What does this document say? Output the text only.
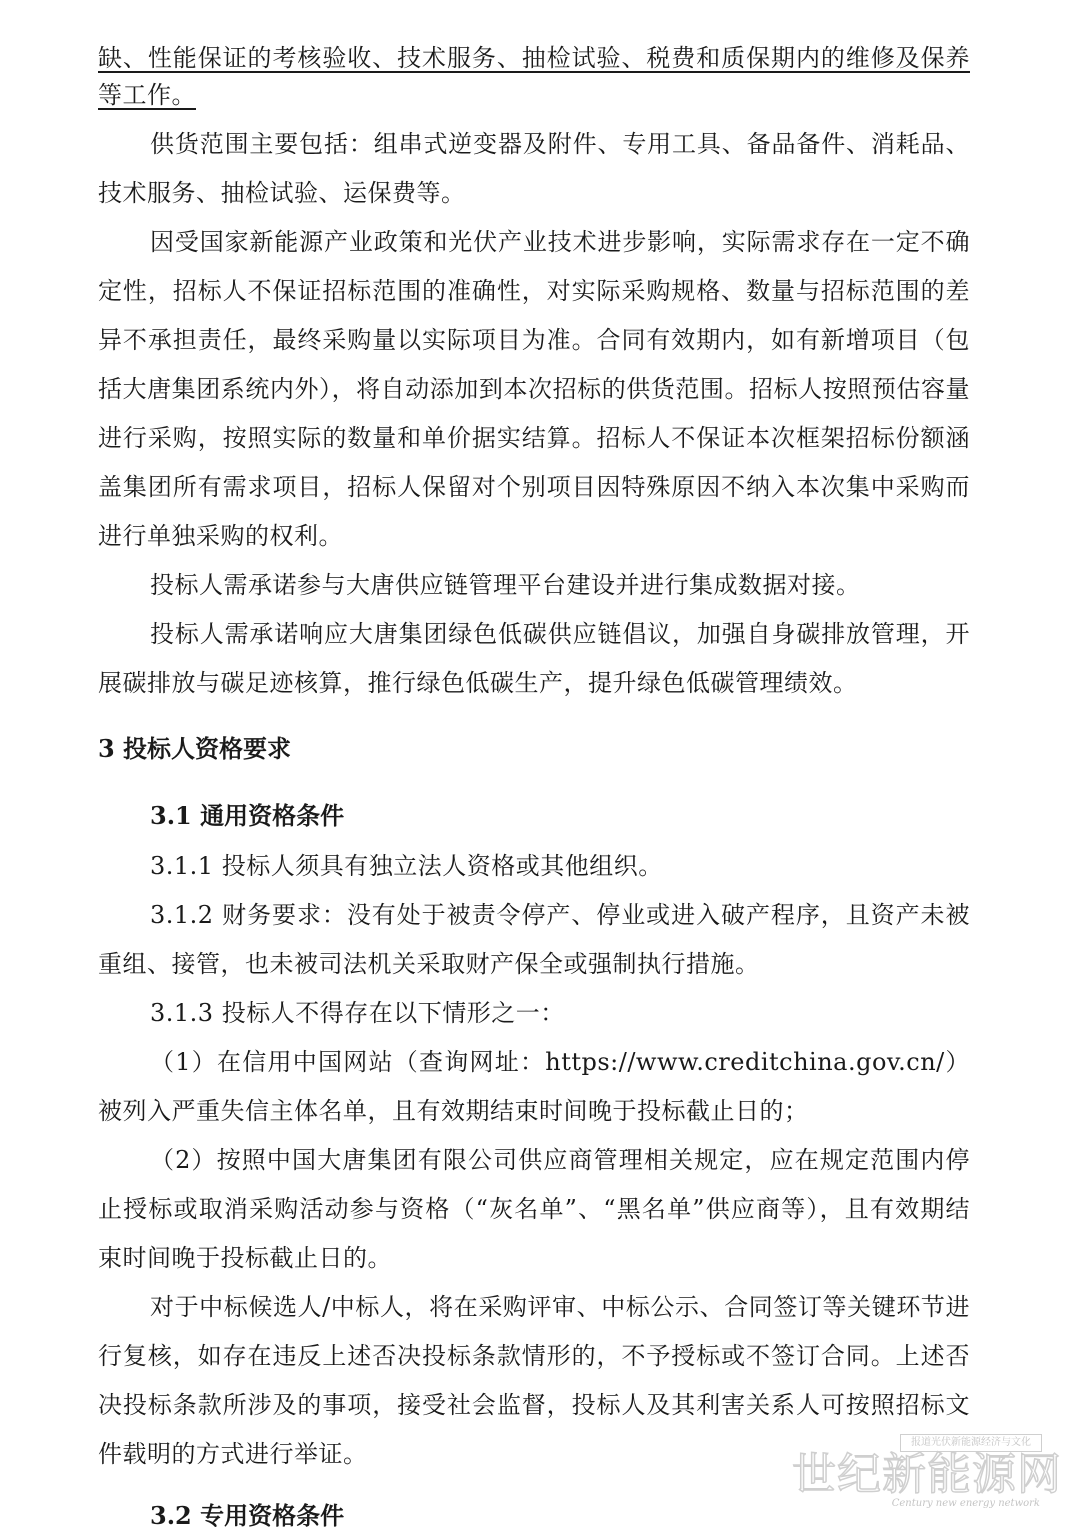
缺、性能保证的考核验收、技术服务、抽检试验、税费和质保期内的维修及保养等工作。

供货范围主要包括：组串式逆变器及附件、专用工具、备品备件、消耗品、技术服务、抽检试验、运保费等。

因受国家新能源产业政策和光伏产业技术进步影响，实际需求存在一定不确定性，招标人不保证招标范围的准确性，对实际采购规格、数量与招标范围的差异不承担责任，最终采购量以实际项目为准。合同有效期内，如有新增项目（包括大唐集团系统内外），将自动添加到本次招标的供货范围。招标人按照预估容量进行采购，按照实际的数量和单价据实结算。招标人不保证本次框架招标份额涵盖集团所有需求项目，招标人保留对个别项目因特殊原因不纳入本次集中采购而进行单独采购的权利。

投标人需承诺参与大唐供应链管理平台建设并进行集成数据对接。

投标人需承诺响应大唐集团绿色低碳供应链倡议，加强自身碳排放管理，开展碳排放与碳足迹核算，推行绿色低碳生产，提升绿色低碳管理绩效。

3 投标人资格要求
3.1 通用资格条件

3.1.1 投标人须具有独立法人资格或其他组织。

3.1.2 财务要求：没有处于被责令停产、停业或进入破产程序，且资产未被重组、接管，也未被司法机关采取财产保全或强制执行措施。

3.1.3 投标人不得存在以下情形之一：

（1）在信用中国网站（查询网址：https://www.creditchina.gov.cn/）被列入严重失信主体名单，且有效期结束时间晚于投标截止日的；

（2）按照中国大唐集团有限公司供应商管理相关规定，应在规定范围内停止授标或取消采购活动参与资格（“灰名单”、“黑名单”供应商等），且有效期结束时间晚于投标截止日的。

对于中标候选人/中标人，将在采购评审、中标公示、合同签订等关键环节进行复核，如存在违反上述否决投标条款情形的，不予授标或不签订合同。上述否决投标条款所涉及的事项，接受社会监督，投标人及其利害关系人可按照招标文件载明的方式进行举证。

3.2 专用资格条件
报道光伏新能源经济与文化
世纪新能源网
Century new energy network
